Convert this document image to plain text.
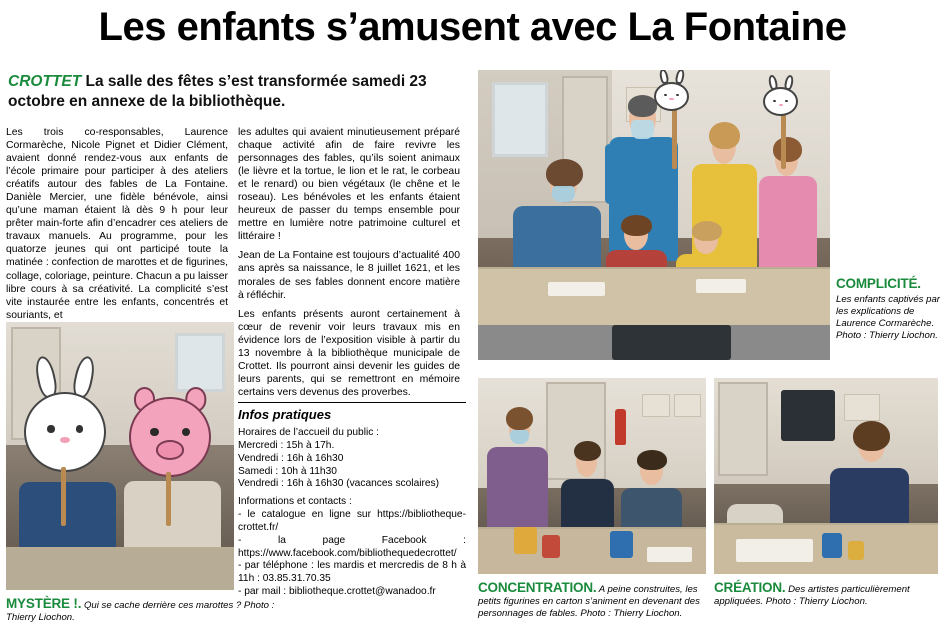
Les enfants s’amusent avec La Fontaine
CROTTET La salle des fêtes s’est transformée samedi 23 octobre en annexe de la bibliothèque.

Les trois co-responsables, Laurence Cormarèche, Nicole Pignet et Didier Clément, avaient donné rendez-vous aux enfants de l’école primaire pour participer à des ateliers créatifs autour des fables de La Fontaine. Danièle Mercier, une fidèle bénévole, ainsi qu’une maman étaient là dès 9 h pour leur prêter main-forte afin d’encadrer ces ateliers de travaux manuels. Au programme, pour les quatorze jeunes qui ont participé toute la matinée : confection de marottes et de figurines, collage, coloriage, peinture. Chacun a pu laisser libre cours à sa créativité. La complicité s’est vite instaurée entre les enfants, concentrés et souriants, et

les adultes qui avaient minutieusement préparé chaque activité afin de faire revivre les personnages des fables, qu’ils soient animaux (le lièvre et la tortue, le lion et le rat, le corbeau et le renard) ou bien végétaux (le chêne et le roseau). Les bénévoles et les enfants étaient heureux de passer du temps ensemble pour mettre en lumière notre patrimoine culturel et littéraire !

Jean de La Fontaine est toujours d’actualité 400 ans après sa naissance, le 8 juillet 1621, et les morales de ses fables donnent encore matière à réfléchir.

Les enfants présents auront certainement à cœur de revenir voir leurs travaux mis en évidence lors de l’exposition visible à partir du 13 novembre à la bibliothèque municipale de Crottet. Ils pourront ainsi devenir les guides de leurs parents, qui se remettront en mémoire certains vers devenus des proverbes.

Infos pratiques
Horaires de l’accueil du public :
Mercredi : 15h à 17h.
Vendredi : 16h à 16h30
Samedi : 10h à 11h30
Vendredi : 16h à 16h30 (vacances scolaires)
Informations et contacts :
- le catalogue en ligne sur https://bibliotheque-crottet.fr/
- la page Facebook : https://www.facebook.com/bibliothequedecrottet/
- par téléphone : les mardis et mercredis de 8 h à 11h : 03.85.31.70.35
- par mail : bibliotheque.crottet@wanadoo.fr
COMPLICITÉ.
Les enfants captivés par les explications de Laurence Cormarèche. Photo : Thierry Liochon.
MYSTÈRE !. Qui se cache derrière ces marottes ? Photo : Thierry Liochon.
CONCENTRATION. A peine construites, les petits figurines en carton s’animent en devenant des personnages de fables. Photo : Thierry Liochon.
CRÉATION. Des artistes particulièrement appliquées. Photo : Thierry Liochon.
